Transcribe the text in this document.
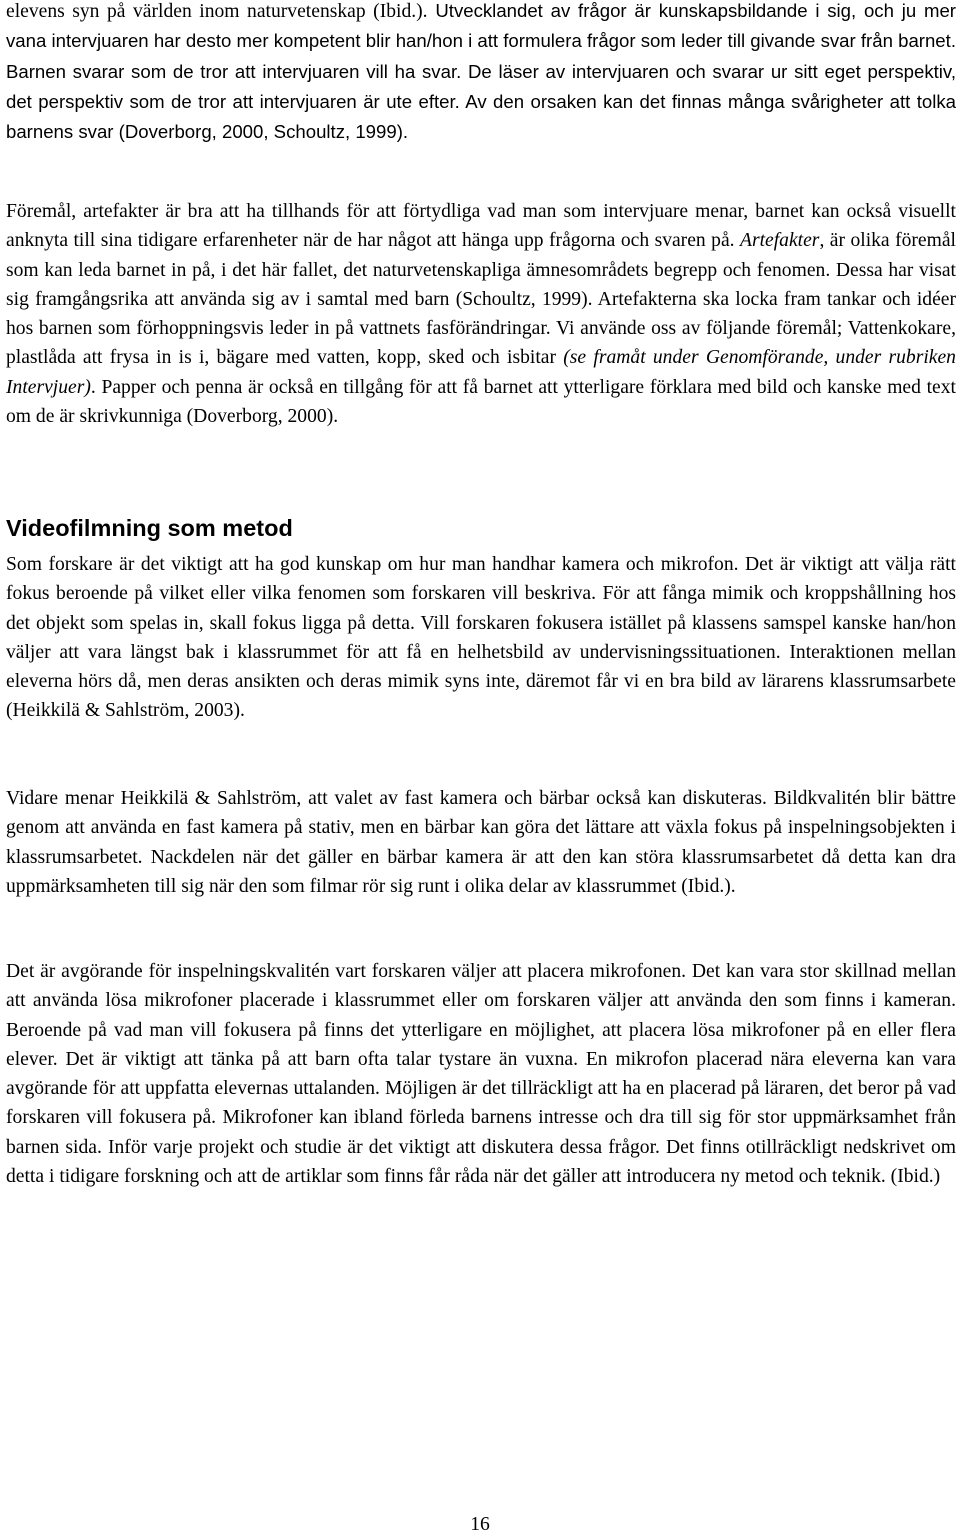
elevens syn på världen inom naturvetenskap (Ibid.). Utvecklandet av frågor är kunskapsbildande i sig, och ju mer vana intervjuaren har desto mer kompetent blir han/hon i att formulera frågor som leder till givande svar från barnet. Barnen svarar som de tror att intervjuaren vill ha svar. De läser av intervjuaren och svarar ur sitt eget perspektiv, det perspektiv som de tror att intervjuaren är ute efter. Av den orsaken kan det finnas många svårigheter att tolka barnens svar (Doverborg, 2000, Schoultz, 1999).

Föremål, artefakter är bra att ha tillhands för att förtydliga vad man som intervjuare menar, barnet kan också visuellt anknyta till sina tidigare erfarenheter när de har något att hänga upp frågorna och svaren på. Artefakter, är olika föremål som kan leda barnet in på, i det här fallet, det naturvetenskapliga ämnesområdets begrepp och fenomen. Dessa har visat sig framgångsrika att använda sig av i samtal med barn (Schoultz, 1999). Artefakterna ska locka fram tankar och idéer hos barnen som förhoppningsvis leder in på vattnets fasförändringar. Vi använde oss av följande föremål; Vattenkokare, plastlåda att frysa in is i, bägare med vatten, kopp, sked och isbitar (se framåt under Genomförande, under rubriken Intervjuer). Papper och penna är också en tillgång för att få barnet att ytterligare förklara med bild och kanske med text om de är skrivkunniga (Doverborg, 2000).

Videofilmning som metod

Som forskare är det viktigt att ha god kunskap om hur man handhar kamera och mikrofon. Det är viktigt att välja rätt fokus beroende på vilket eller vilka fenomen som forskaren vill beskriva. För att fånga mimik och kroppshållning hos det objekt som spelas in, skall fokus ligga på detta. Vill forskaren fokusera istället på klassens samspel kanske han/hon väljer att vara längst bak i klassrummet för att få en helhetsbild av undervisningssituationen. Interaktionen mellan eleverna hörs då, men deras ansikten och deras mimik syns inte, däremot får vi en bra bild av lärarens klassrumsarbete (Heikkilä & Sahlström, 2003).

Vidare menar Heikkilä & Sahlström, att valet av fast kamera och bärbar också kan diskuteras. Bildkvalitén blir bättre genom att använda en fast kamera på stativ, men en bärbar kan göra det lättare att växla fokus på inspelningsobjekten i klassrumsarbetet. Nackdelen när det gäller en bärbar kamera är att den kan störa klassrumsarbetet då detta kan dra uppmärksamheten till sig när den som filmar rör sig runt i olika delar av klassrummet (Ibid.).

Det är avgörande för inspelningskvalitén vart forskaren väljer att placera mikrofonen. Det kan vara stor skillnad mellan att använda lösa mikrofoner placerade i klassrummet eller om forskaren väljer att använda den som finns i kameran. Beroende på vad man vill fokusera på finns det ytterligare en möjlighet, att placera lösa mikrofoner på en eller flera elever. Det är viktigt att tänka på att barn ofta talar tystare än vuxna. En mikrofon placerad nära eleverna kan vara avgörande för att uppfatta elevernas uttalanden. Möjligen är det tillräckligt att ha en placerad på läraren, det beror på vad forskaren vill fokusera på. Mikrofoner kan ibland förleda barnens intresse och dra till sig för stor uppmärksamhet från barnen sida. Inför varje projekt och studie är det viktigt att diskutera dessa frågor. Det finns otillräckligt nedskrivet om detta i tidigare forskning och att de artiklar som finns får råda när det gäller att introducera ny metod och teknik. (Ibid.)

16
